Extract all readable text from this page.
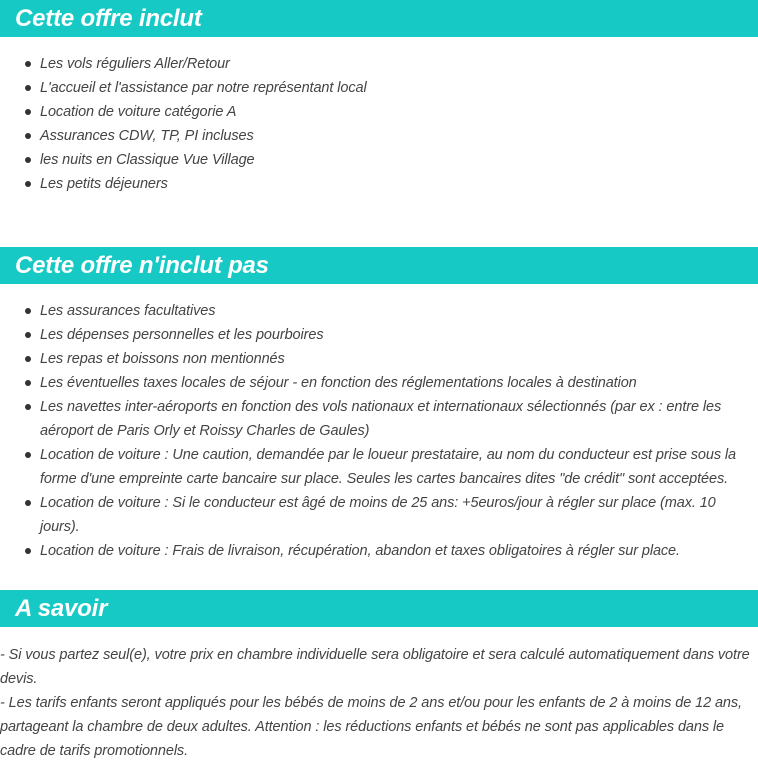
Cette offre inclut
Les vols réguliers Aller/Retour
L'accueil et l'assistance par notre représentant local
Location de voiture catégorie A
Assurances CDW, TP, PI incluses
les nuits en Classique Vue Village
Les petits déjeuners
Cette offre n'inclut pas
Les assurances facultatives
Les dépenses personnelles et les pourboires
Les repas et boissons non mentionnés
Les éventuelles taxes locales de séjour - en fonction des réglementations locales à destination
Les navettes inter-aéroports en fonction des vols nationaux et internationaux sélectionnés (par ex : entre les aéroport de Paris Orly et Roissy Charles de Gaules)
Location de voiture : Une caution, demandée par le loueur prestataire, au nom du conducteur est prise sous la forme d'une empreinte carte bancaire sur place. Seules les cartes bancaires dites "de crédit" sont acceptées.
Location de voiture : Si le conducteur est âgé de moins de 25 ans: +5euros/jour à régler sur place (max. 10 jours).
Location de voiture : Frais de livraison, récupération, abandon et taxes obligatoires à régler sur place.
A savoir

- Si vous partez seul(e), votre prix en chambre individuelle sera obligatoire et sera calculé automatiquement dans votre devis.

- Les tarifs enfants seront appliqués pour les bébés de moins de 2 ans et/ou pour les enfants de 2 à moins de 12 ans, partageant la chambre de deux adultes. Attention : les réductions enfants et bébés ne sont pas applicables dans le cadre de tarifs promotionnels.
